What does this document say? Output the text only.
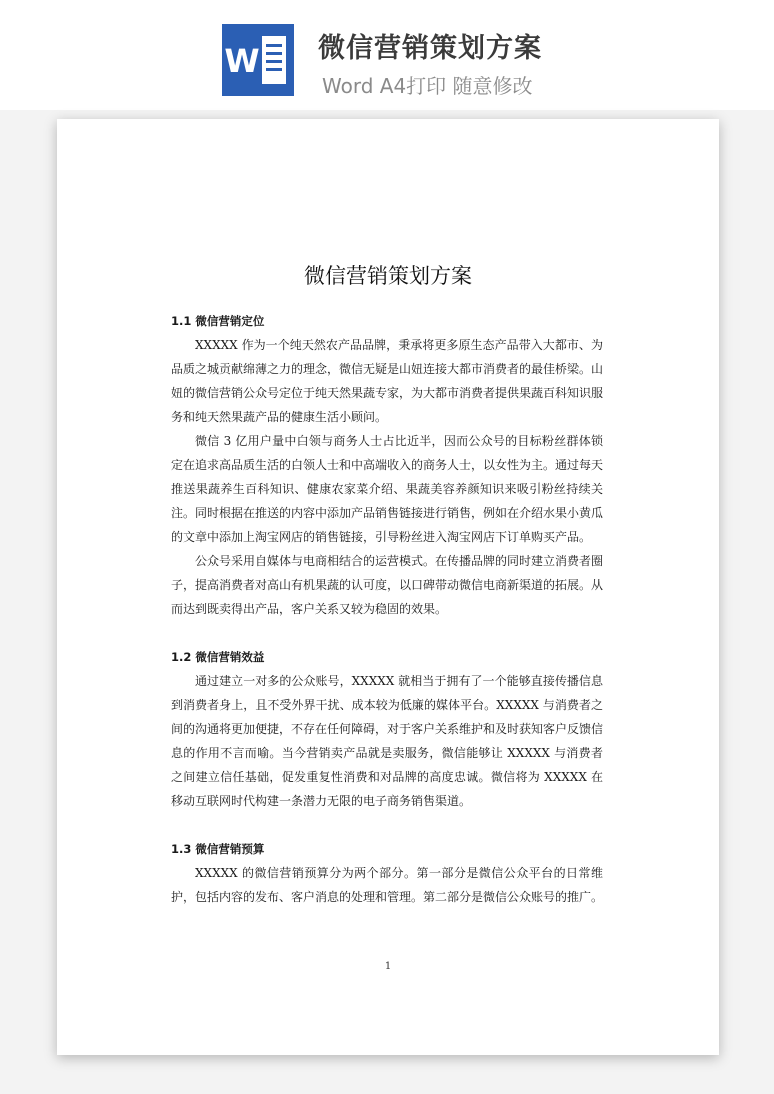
W 微信营销策划方案
Word A4打印 随意修改
微信营销策划方案

1.1 微信营销定位

XXXXX 作为一个纯天然农产品品牌，秉承将更多原生态产品带入大都市、为品质之城贡献绵薄之力的理念，微信无疑是山妞连接大都市消费者的最佳桥梁。山妞的微信营销公众号定位于纯天然果蔬专家，为大都市消费者提供果蔬百科知识服务和纯天然果蔬产品的健康生活小顾问。

微信 3 亿用户量中白领与商务人士占比近半，因而公众号的目标粉丝群体锁定在追求高品质生活的白领人士和中高端收入的商务人士，以女性为主。通过每天推送果蔬养生百科知识、健康农家菜介绍、果蔬美容养颜知识来吸引粉丝持续关注。同时根据在推送的内容中添加产品销售链接进行销售，例如在介绍水果小黄瓜的文章中添加上淘宝网店的销售链接，引导粉丝进入淘宝网店下订单购买产品。

公众号采用自媒体与电商相结合的运营模式。在传播品牌的同时建立消费者圈子，提高消费者对高山有机果蔬的认可度，以口碑带动微信电商新渠道的拓展。从而达到既卖得出产品，客户关系又较为稳固的效果。

1.2 微信营销效益

通过建立一对多的公众账号，XXXXX 就相当于拥有了一个能够直接传播信息到消费者身上，且不受外界干扰、成本较为低廉的媒体平台。XXXXX 与消费者之间的沟通将更加便捷，不存在任何障碍，对于客户关系维护和及时获知客户反馈信息的作用不言而喻。当今营销卖产品就是卖服务，微信能够让 XXXXX 与消费者之间建立信任基础，促发重复性消费和对品牌的高度忠诚。微信将为 XXXXX 在移动互联网时代构建一条潜力无限的电子商务销售渠道。

1.3 微信营销预算

XXXXX 的微信营销预算分为两个部分。第一部分是微信公众平台的日常维护，包括内容的发布、客户消息的处理和管理。第二部分是微信公众账号的推广。

1
